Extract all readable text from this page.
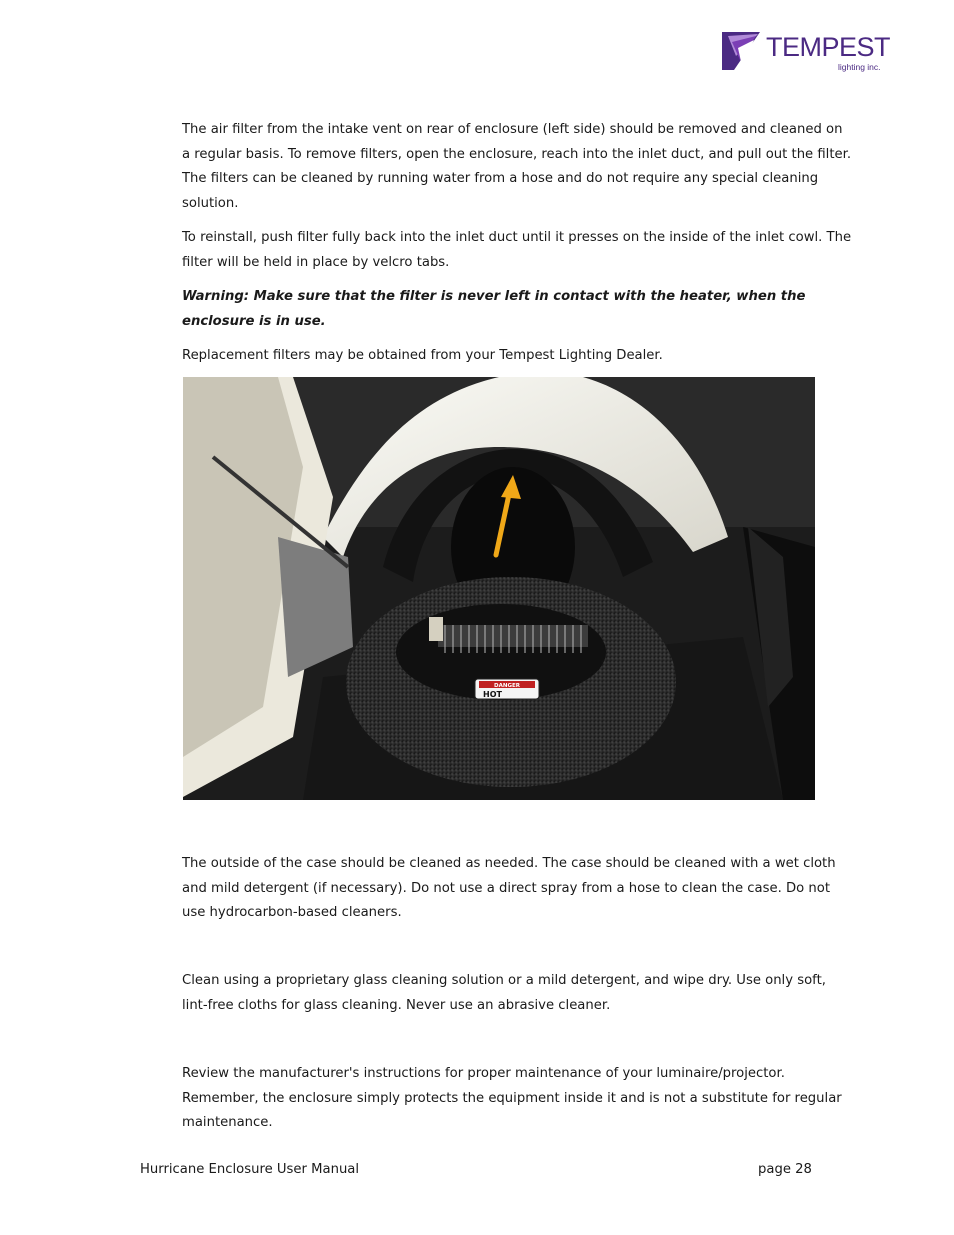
TEMPEST
lighting inc.

The air filter from the intake vent on rear of enclosure (left side) should be removed and cleaned on a regular basis. To remove filters, open the enclosure, reach into the inlet duct, and pull out the filter. The filters can be cleaned by running water from a hose and do not require any special cleaning solution.

To reinstall, push filter fully back into the inlet duct until it presses on the inside of the inlet cowl. The filter will be held in place by velcro tabs.

Warning: Make sure that the filter is never left in contact with the heater, when the enclosure is in use.

Replacement filters may be obtained from your Tempest Lighting Dealer.

DANGER
HOT

The outside of the case should be cleaned as needed. The case should be cleaned with a wet cloth and mild detergent (if necessary). Do not use a direct spray from a hose to clean the case. Do not use hydrocarbon-based cleaners.

Clean using a proprietary glass cleaning solution or a mild detergent, and wipe dry. Use only soft, lint-free cloths for glass cleaning. Never use an abrasive cleaner.

Review the manufacturer's instructions for proper maintenance of your luminaire/projector. Remember, the enclosure simply protects the equipment inside it and is not a substitute for regular maintenance.

Hurricane Enclosure User Manual	page 28
